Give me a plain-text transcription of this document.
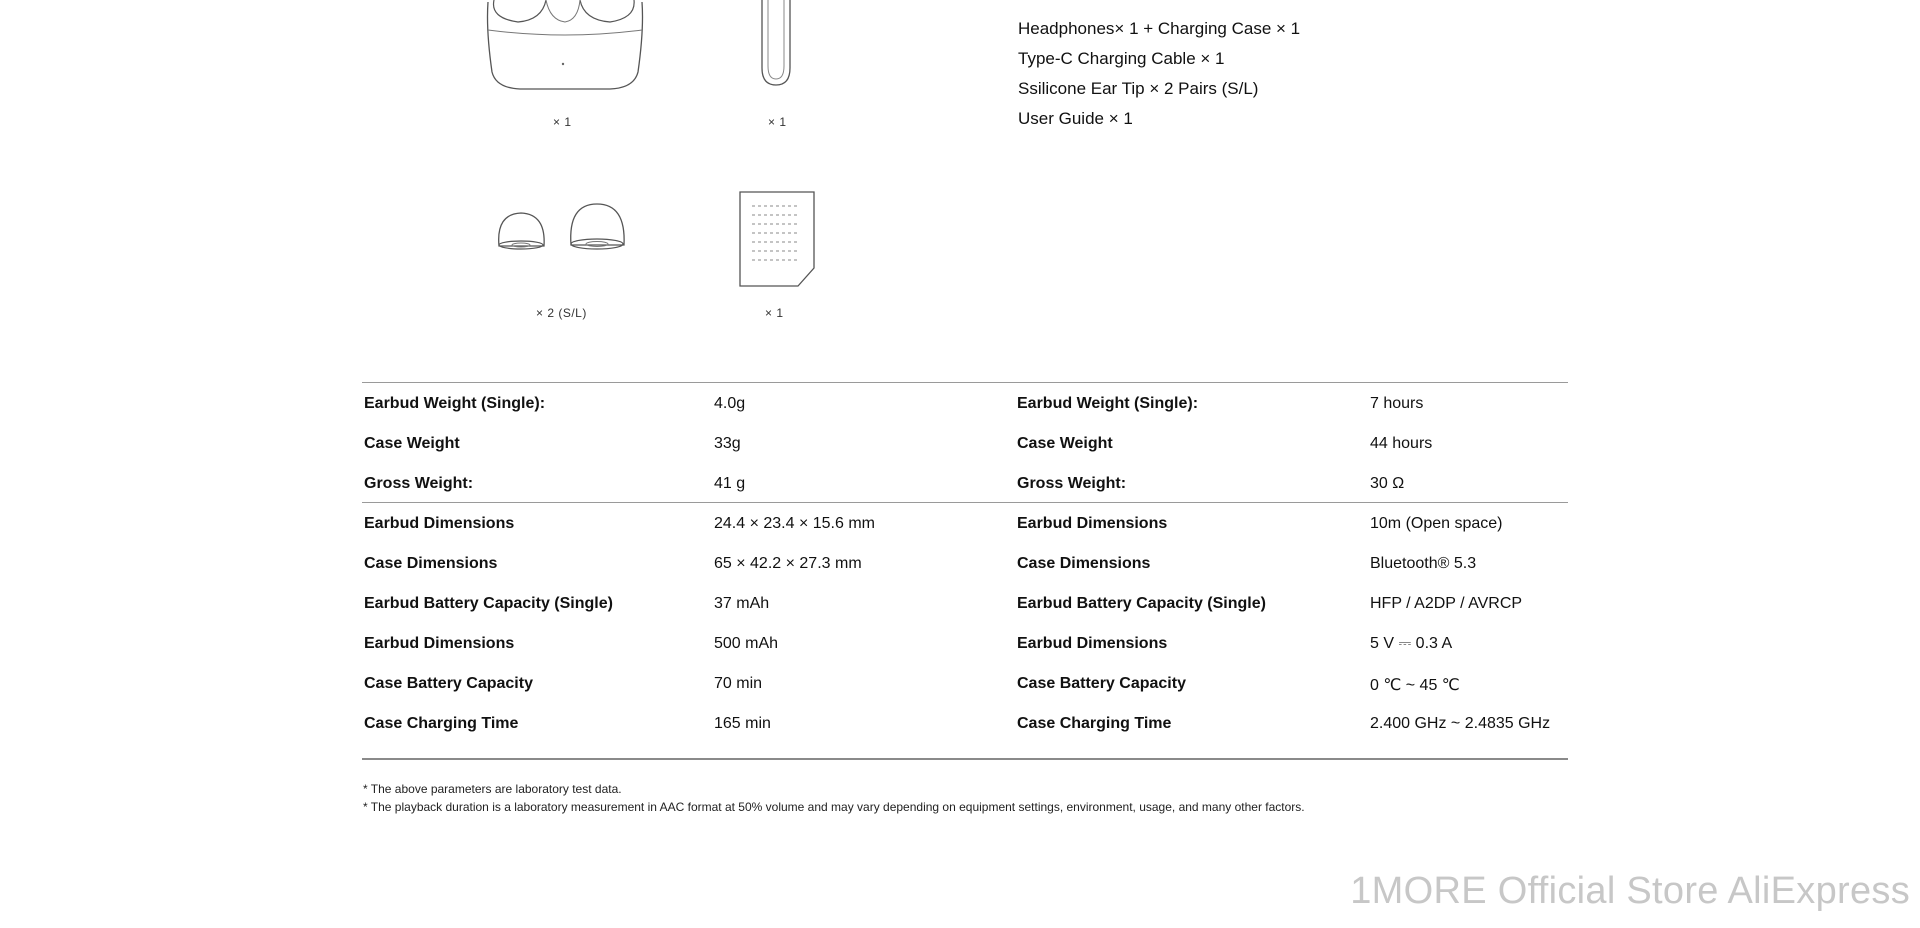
× 1	× 1
× 2 (S/L)	× 1
Headphones× 1 + Charging Case × 1
Type-C Charging Cable × 1
Ssilicone Ear Tip × 2 Pairs (S/L)
User Guide × 1
Earbud Weight (Single):	4.0g	Earbud Weight (Single):	7 hours
Case Weight	33g	Case Weight	44 hours
Gross Weight:	41 g	Gross Weight:	30 Ω
Earbud Dimensions	24.4 × 23.4 × 15.6 mm	Earbud Dimensions	10m (Open space)
Case Dimensions	65 × 42.2 × 27.3 mm	Case Dimensions	Bluetooth® 5.3
Earbud Battery Capacity (Single)	37 mAh	Earbud Battery Capacity (Single)	HFP / A2DP / AVRCP
Earbud Dimensions	500 mAh	Earbud Dimensions	5 V ⎓ 0.3 A
Case Battery Capacity	70 min	Case Battery Capacity	0 ℃ ~ 45 ℃
Case Charging Time	165 min	Case Charging Time	2.400 GHz ~ 2.4835 GHz
* The above parameters are laboratory test data.
* The playback duration is a laboratory measurement in AAC format at 50% volume and may vary depending on equipment settings, environment, usage, and many other factors.
1MORE Official Store AliExpress
